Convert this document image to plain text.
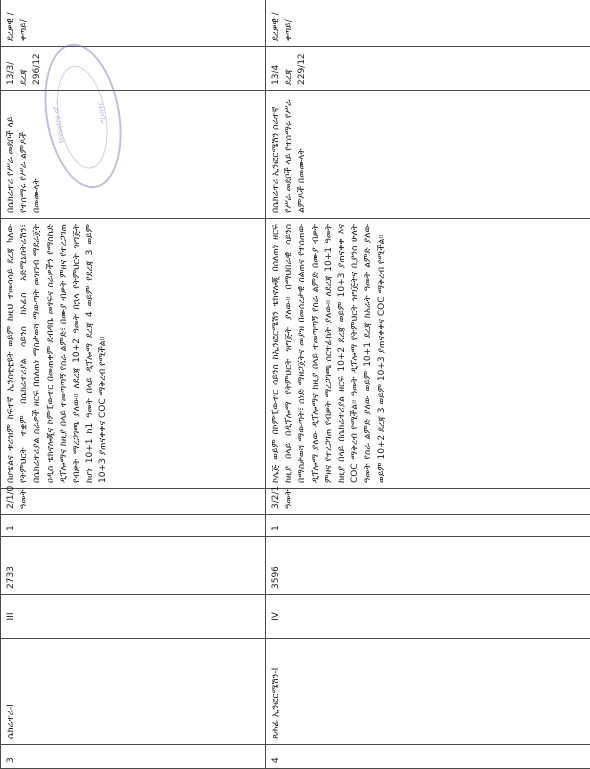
3	ሴክሬተሪ-I	III	2733	1	2/1/0 ዓመት	በሆቴልና ቱሪዝም ከፍተኛ ኢንስቲቲዩት ወይም ከዚህ ተመሳሳይ ደረጃ ካለው የትምህርት ተቋም በሴክሬተሪያል ሳይንስ ከኦፊስ አድሚኒስትሬሽን፣ በሴክሬተሪያል ስራዎች ዘርፍ በሰለጠነ ማስታወሻ ማውጣት መዝገብ ማደራጀት ዐዲስ ቴክኖሎጂና ኮምፒውተር በመጠቀም ደብዳቤ መፃፍና ስራዎችን የማስኬድ ዲፕሎማና ከዚያ በላይ ተመጣጣኝ የስራ ልምድ፣ በሙያ ብቃት ምዘና የተረጋገጠ የብቃት ማረጋገጫ ያለው። ለደረጃ 10+2 ዓመት በኋላ የትምህርት ዝግጅት ከሆነ 10+1 ከ1 ዓመት በላይ ዲፕሎማ ደረጃ 4 ወይም የደረጃ 3 ወይም 10+3 ያጠናቀቀና COC ማቅረብ የሚችል።	በሴክሬተሪ የሥራ መደቦች ላይ የተሰማሩ የሥራ ልምዶች በመሙላት	13/3/ደረጃ 296/12	ደረቃዊ /ቀጣይ/
4	ጸሐፊ ኢንፎርሜሽን-I	IV	3596	1	3/2/1 ዓመት	ኮሌጅ ወይም በኮምፒውተር ሳይንስ ከኢንፎርሜሽን ቴክኖሎጂ በሰለጠነ ዘርፍ ከዚያ በላይ በዲፕሎማ የትምህርት ዝግጅት ያለው። በማህበራዊ ሳይንስ በማስታወሻ ማውጣት፣ ሰነድ ማዘጋጀትና መያዝ በመሰረታዊ ስልጠና የተሰጠው ዲፕሎማ ያለው ዲፕሎማና ከዚያ በላይ ተመጣጣኝ የስራ ልምድ በሙያ ብቃት ምዘና የተረጋገጠ የብቃት ማረጋገጫ ሰርተፊኬት ያለው። ለደረጃ 10+1 ዓመት ከዚያ በላይ በሴክሬተሪያል ዘርፍ 10+2 ደረጃ ወይም 10+3 ያጠናቀቀ እና COC ማቅረብ የሚችል። ዓመት ዲፕሎማ የትምህርት ዝግጅትና ቢያንስ ሁለት ዓመት የስራ ልምድ ያለው ወይም 10+1 ደረጃ ከአራት ዓመት ልምድ ያለው ወይም 10+2 ደረጃ 3 ወይም 10+3 ያጠናቀቀና COC ማቅረብ የሚችል።	በሴክሬተሪ ኢንፎርሜሽን ሰራተኛ የሥራ መደቦች ላይ የተሰማሩ የሥራ ልምዶች በመሙላት	13/4 ደረጃ 229/12	ደረቃዊ /ቀጣይ/
Ministry of ...	ሚኒስቴር
